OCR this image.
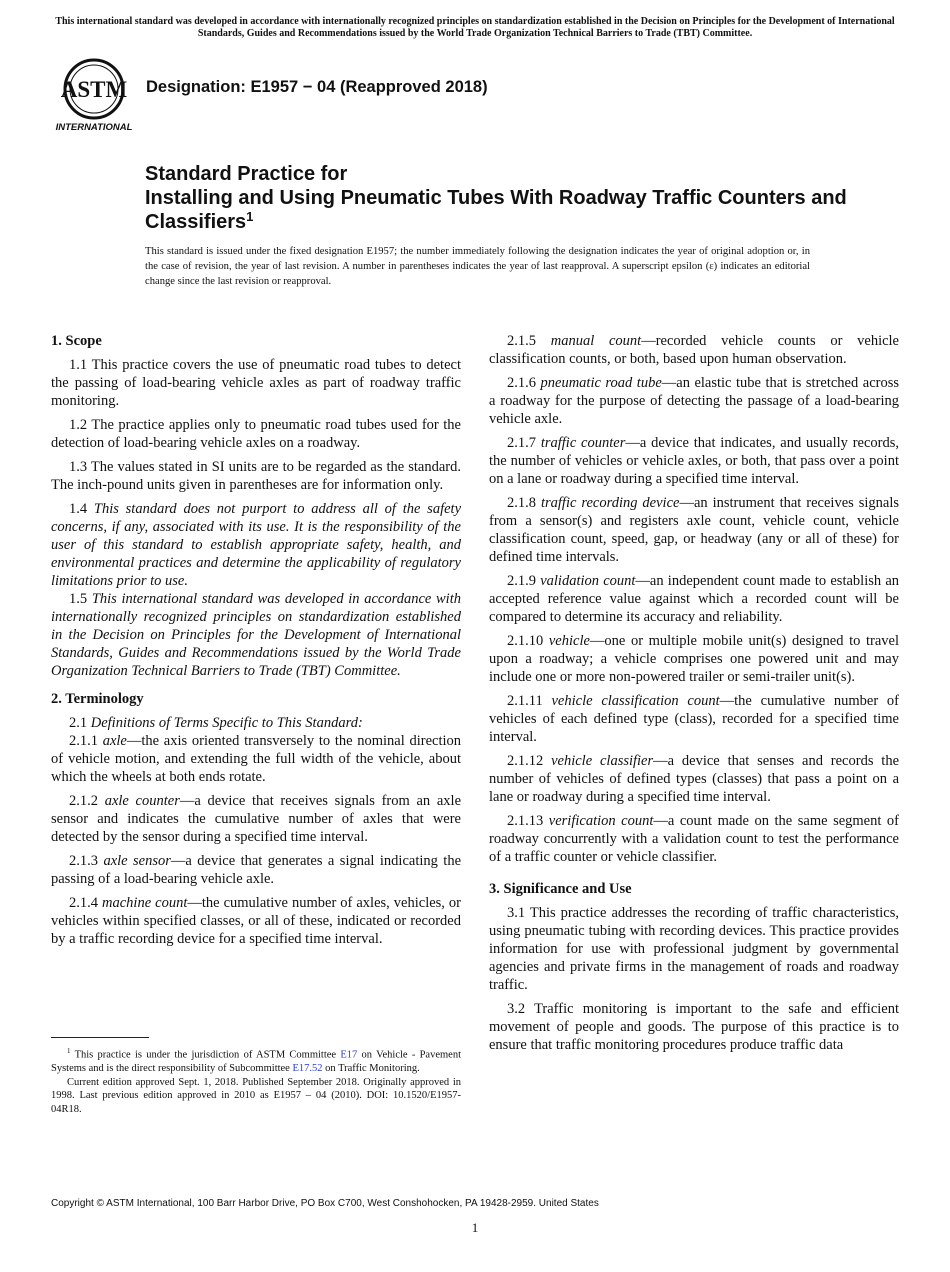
This international standard was developed in accordance with internationally recognized principles on standardization established in the Decision on Principles for the Development of International Standards, Guides and Recommendations issued by the World Trade Organization Technical Barriers to Trade (TBT) Committee.
ASTM
INTERNATIONAL
Designation: E1957 − 04 (Reapproved 2018)
Standard Practice for
Installing and Using Pneumatic Tubes With Roadway Traffic Counters and Classifiers$^1$
This standard is issued under the fixed designation E1957; the number immediately following the designation indicates the year of original adoption or, in the case of revision, the year of last revision. A number in parentheses indicates the year of last reapproval. A superscript epsilon (ε) indicates an editorial change since the last revision or reapproval.
1. Scope

1.1 This practice covers the use of pneumatic road tubes to detect the passing of load-bearing vehicle axles as part of roadway traffic monitoring.

1.2 The practice applies only to pneumatic road tubes used for the detection of load-bearing vehicle axles on a roadway.

1.3 The values stated in SI units are to be regarded as the standard. The inch-pound units given in parentheses are for information only.

1.4 This standard does not purport to address all of the safety concerns, if any, associated with its use. It is the responsibility of the user of this standard to establish appropriate safety, health, and environmental practices and determine the applicability of regulatory limitations prior to use.

1.5 This international standard was developed in accordance with internationally recognized principles on standardization established in the Decision on Principles for the Development of International Standards, Guides and Recommendations issued by the World Trade Organization Technical Barriers to Trade (TBT) Committee.

2. Terminology

2.1 Definitions of Terms Specific to This Standard:

2.1.1 axle—the axis oriented transversely to the nominal direction of vehicle motion, and extending the full width of the vehicle, about which the wheels at both ends rotate.

2.1.2 axle counter—a device that receives signals from an axle sensor and indicates the cumulative number of axles that were detected by the sensor during a specified time interval.

2.1.3 axle sensor—a device that generates a signal indicating the passing of a load-bearing vehicle axle.

2.1.4 machine count—the cumulative number of axles, vehicles, or vehicles within specified classes, or all of these, indicated or recorded by a traffic recording device for a specified time interval.

2.1.5 manual count—recorded vehicle counts or vehicle classification counts, or both, based upon human observation.

2.1.6 pneumatic road tube—an elastic tube that is stretched across a roadway for the purpose of detecting the passage of a load-bearing vehicle axle.

2.1.7 traffic counter—a device that indicates, and usually records, the number of vehicles or vehicle axles, or both, that pass over a point on a lane or roadway during a specified time interval.

2.1.8 traffic recording device—an instrument that receives signals from a sensor(s) and registers axle count, vehicle count, vehicle classification count, speed, gap, or headway (any or all of these) for defined time intervals.

2.1.9 validation count—an independent count made to establish an accepted reference value against which a recorded count will be compared to determine its accuracy and reliability.

2.1.10 vehicle—one or multiple mobile unit(s) designed to travel upon a roadway; a vehicle comprises one powered unit and may include one or more non-powered trailer or semi-trailer unit(s).

2.1.11 vehicle classification count—the cumulative number of vehicles of each defined type (class), recorded for a specified time interval.

2.1.12 vehicle classifier—a device that senses and records the number of vehicles of defined types (classes) that pass a point on a lane or roadway during a specified time interval.

2.1.13 verification count—a count made on the same segment of roadway concurrently with a validation count to test the performance of a traffic counter or vehicle classifier.

3. Significance and Use

3.1 This practice addresses the recording of traffic characteristics, using pneumatic tubing with recording devices. This practice provides information for use with professional judgment by governmental agencies and private firms in the management of roads and roadway traffic.

3.2 Traffic monitoring is important to the safe and efficient movement of people and goods. The purpose of this practice is to ensure that traffic monitoring procedures produce traffic data

$^1$ This practice is under the jurisdiction of ASTM Committee E17 on Vehicle - Pavement Systems and is the direct responsibility of Subcommittee E17.52 on Traffic Monitoring.

Current edition approved Sept. 1, 2018. Published September 2018. Originally approved in 1998. Last previous edition approved in 2010 as E1957 – 04 (2010). DOI: 10.1520/E1957-04R18.

Copyright © ASTM International, 100 Barr Harbor Drive, PO Box C700, West Conshohocken, PA 19428-2959. United States
1
